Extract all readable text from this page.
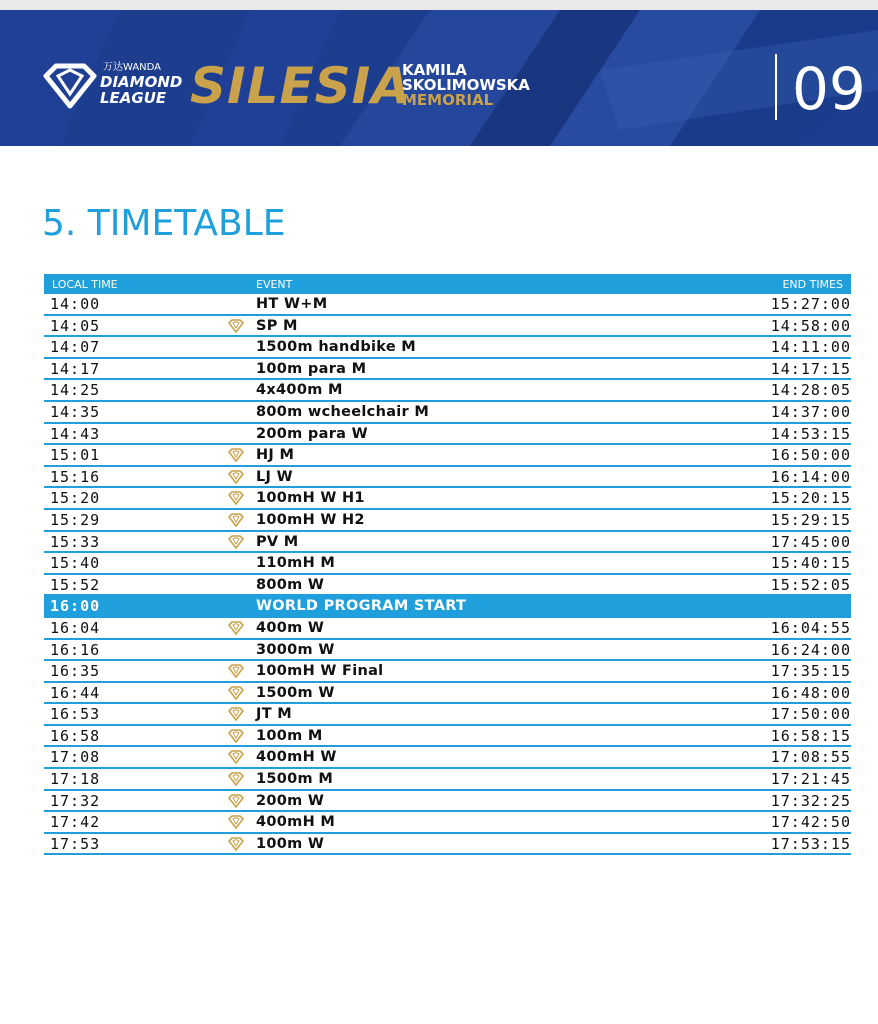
万达WANDA
DIAMOND
LEAGUE SILESIA
KAMILA
SKOLIMOWSKA
MEMORIAL	09
5. TIMETABLE
LOCAL TIME	EVENT	END TIMES
14:00	HT W+M	15:27:00
14:05	SP M	14:58:00
14:07	1500m handbike M	14:11:00
14:17	100m para M	14:17:15
14:25	4x400m M	14:28:05
14:35	800m wcheelchair M	14:37:00
14:43	200m para W	14:53:15
15:01	HJ M	16:50:00
15:16	LJ W	16:14:00
15:20	100mH W H1	15:20:15
15:29	100mH W H2	15:29:15
15:33	PV M	17:45:00
15:40	110mH M	15:40:15
15:52	800m W	15:52:05
16:00	WORLD PROGRAM START
16:04	400m W	16:04:55
16:16	3000m W	16:24:00
16:35	100mH W Final	17:35:15
16:44	1500m W	16:48:00
16:53	JT M	17:50:00
16:58	100m M	16:58:15
17:08	400mH W	17:08:55
17:18	1500m M	17:21:45
17:32	200m W	17:32:25
17:42	400mH M	17:42:50
17:53	100m W	17:53:15
